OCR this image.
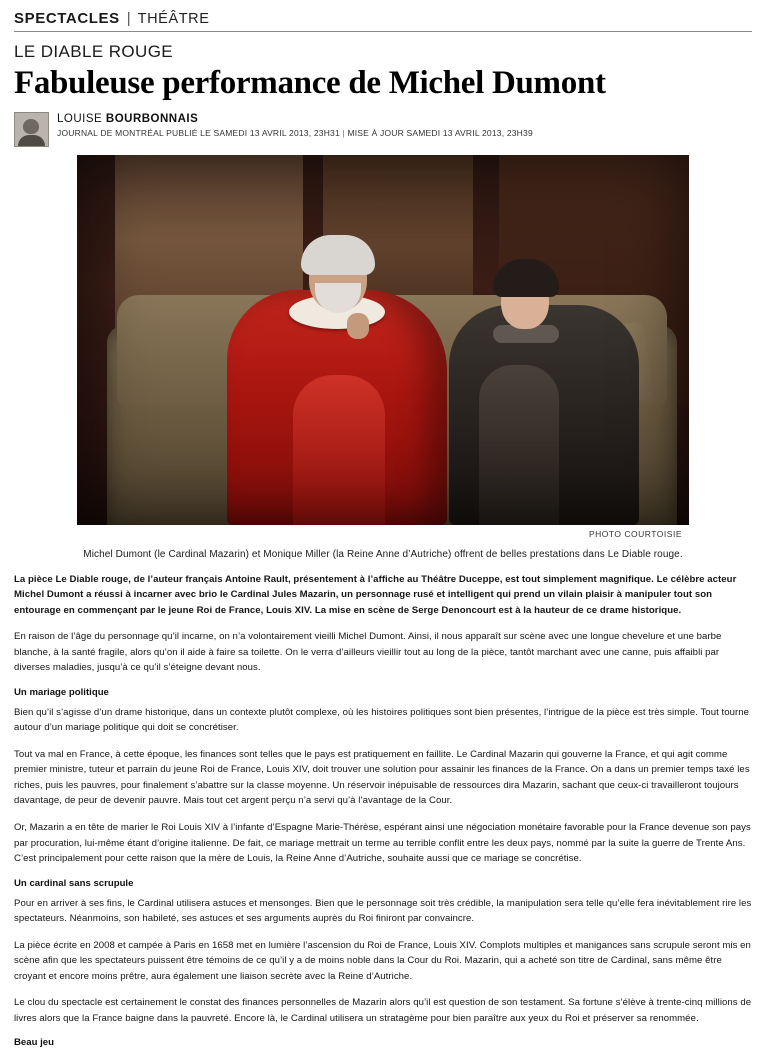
SPECTACLES | THÉÂTRE
LE DIABLE ROUGE
Fabuleuse performance de Michel Dumont
LOUISE BOURBONNAIS
JOURNAL DE MONTRÉAL PUBLIÉ LE SAMEDI 13 AVRIL 2013, 23H31 | MISE À JOUR SAMEDI 13 AVRIL 2013, 23H39
PHOTO COURTOISIE
Michel Dumont (le Cardinal Mazarin) et Monique Miller (la Reine Anne d’Autriche) offrent de belles prestations dans Le Diable rouge.

La pièce Le Diable rouge, de l’auteur français Antoine Rault, présentement à l’affiche au Théâtre Duceppe, est tout simplement magnifique. Le célèbre acteur Michel Dumont a réussi à incarner avec brio le Cardinal Jules Mazarin, un personnage rusé et intelligent qui prend un vilain plaisir à manipuler tout son entourage en commençant par le jeune Roi de France, Louis XIV. La mise en scène de Serge Denoncourt est à la hauteur de ce drame historique.

En raison de l’âge du personnage qu’il incarne, on n’a volontairement vieilli Michel Dumont. Ainsi, il nous apparaît sur scène avec une longue chevelure et une barbe blanche, à la santé fragile, alors qu’on il aide à faire sa toilette. On le verra d’ailleurs vieillir tout au long de la pièce, tantôt marchant avec une canne, puis affaibli par diverses maladies, jusqu’à ce qu’il s’éteigne devant nous.

Un mariage politique

Bien qu’il s’agisse d’un drame historique, dans un contexte plutôt complexe, où les histoires politiques sont bien présentes, l’intrigue de la pièce est très simple. Tout tourne autour d’un mariage politique qui doit se concrétiser.

Tout va mal en France, à cette époque, les finances sont telles que le pays est pratiquement en faillite. Le Cardinal Mazarin qui gouverne la France, et qui agit comme premier ministre, tuteur et parrain du jeune Roi de France, Louis XIV, doit trouver une solution pour assainir les finances de la France. On a dans un premier temps taxé les riches, puis les pauvres, pour finalement s’abattre sur la classe moyenne. Un réservoir inépuisable de ressources dira Mazarin, sachant que ceux-ci travailleront toujours davantage, de peur de devenir pauvre. Mais tout cet argent perçu n’a servi qu’à l’avantage de la Cour.

Or, Mazarin a en tête de marier le Roi Louis XIV à l’infante d’Espagne Marie-Thérèse, espérant ainsi une négociation monétaire favorable pour la France devenue son pays par procuration, lui-même étant d’origine italienne. De fait, ce mariage mettrait un terme au terrible conflit entre les deux pays, nommé par la suite la guerre de Trente Ans. C’est principalement pour cette raison que la mère de Louis, la Reine Anne d’Autriche, souhaite aussi que ce mariage se concrétise.

Un cardinal sans scrupule

Pour en arriver à ses fins, le Cardinal utilisera astuces et mensonges. Bien que le personnage soit très crédible, la manipulation sera telle qu’elle fera inévitablement rire les spectateurs. Néanmoins, son habileté, ses astuces et ses arguments auprès du Roi finiront par convaincre.

La pièce écrite en 2008 et campée à Paris en 1658 met en lumière l’ascension du Roi de France, Louis XIV. Complots multiples et manigances sans scrupule seront mis en scène afin que les spectateurs puissent être témoins de ce qu’il y a de moins noble dans la Cour du Roi. Mazarin, qui a acheté son titre de Cardinal, sans même être croyant et encore moins prêtre, aura également une liaison secrète avec la Reine d’Autriche.

Le clou du spectacle est certainement le constat des finances personnelles de Mazarin alors qu’il est question de son testament. Sa fortune s’élève à trente-cinq millions de livres alors que la France baigne dans la pauvreté. Encore là, le Cardinal utilisera un stratagème pour bien paraître aux yeux du Roi et préserver sa renommée.

Beau jeu
